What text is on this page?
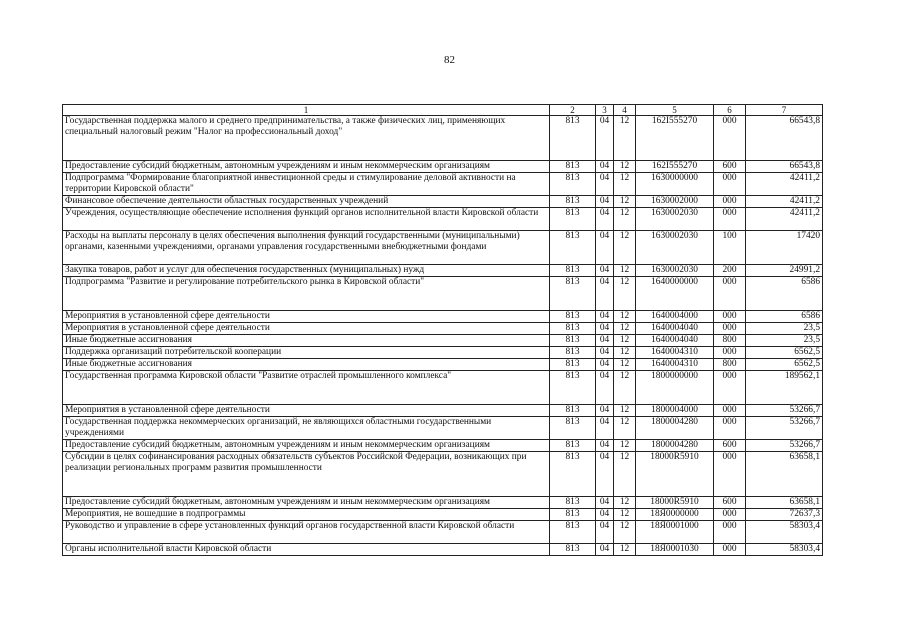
82
1	2	3	4	5	6	7
Государственная поддержка малого и среднего предпринимательства, а также физических лиц, применяющих специальный налоговый режим "Налог на профессиональный доход"	813	04	12	162I555270	000	66543,8
Предоставление субсидий бюджетным, автономным учреждениям и иным некоммерческим организациям	813	04	12	162I555270	600	66543,8
Подпрограмма "Формирование благоприятной инвестиционной среды и стимулирование деловой активности на территории Кировской области"	813	04	12	1630000000	000	42411,2
Финансовое обеспечение деятельности областных государственных учреждений	813	04	12	1630002000	000	42411,2
Учреждения, осуществляющие обеспечение исполнения функций органов исполнительной власти Кировской области	813	04	12	1630002030	000	42411,2
Расходы на выплаты персоналу в целях обеспечения выполнения функций государственными (муниципальными) органами, казенными учреждениями, органами управления государственными внебюджетными фондами	813	04	12	1630002030	100	17420
Закупка товаров, работ и услуг для обеспечения государственных (муниципальных) нужд	813	04	12	1630002030	200	24991,2
Подпрограмма "Развитие и регулирование потребительского рынка в Кировской области"	813	04	12	1640000000	000	6586
Мероприятия в установленной сфере деятельности	813	04	12	1640004000	000	6586
Мероприятия в установленной сфере деятельности	813	04	12	1640004040	000	23,5
Иные бюджетные ассигнования	813	04	12	1640004040	800	23,5
Поддержка организаций потребительской кооперации	813	04	12	1640004310	000	6562,5
Иные бюджетные ассигнования	813	04	12	1640004310	800	6562,5
Государственная программа Кировской области "Развитие отраслей промышленного комплекса"	813	04	12	1800000000	000	189562,1
Мероприятия в установленной сфере деятельности	813	04	12	1800004000	000	53266,7
Государственная поддержка некоммерческих организаций, не являющихся областными государственными учреждениями	813	04	12	1800004280	000	53266,7
Предоставление субсидий бюджетным, автономным учреждениям и иным некоммерческим организациям	813	04	12	1800004280	600	53266,7
Субсидии в целях софинансирования расходных обязательств субъектов Российской Федерации, возникающих при реализации региональных программ развития промышленности	813	04	12	18000R5910	000	63658,1
Предоставление субсидий бюджетным, автономным учреждениям и иным некоммерческим организациям	813	04	12	18000R5910	600	63658,1
Мероприятия, не вошедшие в подпрограммы	813	04	12	18Я0000000	000	72637,3
Руководство и управление в сфере установленных функций органов государственной власти Кировской области	813	04	12	18Я0001000	000	58303,4
Органы исполнительной власти Кировской области	813	04	12	18Я0001030	000	58303,4
